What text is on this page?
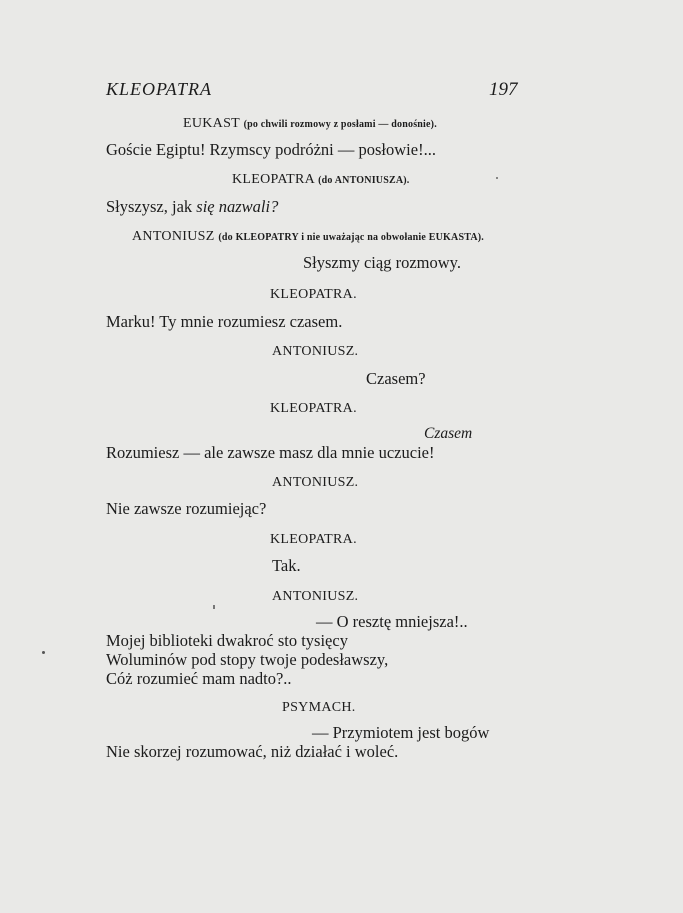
KLEOPATRA	197
EUKAST (po chwili rozmowy z posłami — donośnie).
Goście Egiptu! Rzymscy podróżni — posłowie!...
KLEOPATRA (do ANTONIUSZA).
Słyszysz, jak się nazwali?
ANTONIUSZ (do KLEOPATRY i nie uważając na obwołanie EUKASTA).
Słyszmy ciąg rozmowy.
KLEOPATRA.
Marku! Ty mnie rozumiesz czasem.
ANTONIUSZ.
Czasem?
KLEOPATRA.
Czasem
Rozumiesz — ale zawsze masz dla mnie uczucie!
ANTONIUSZ.
Nie zawsze rozumiejąc?
KLEOPATRA.
Tak.
ANTONIUSZ.
— O resztę mniejsza!..
Mojej biblioteki dwakroć sto tysięcy
Woluminów pod stopy twoje podesławszy,
Cóż rozumieć mam nadto?..
PSYMACH.
— Przymiotem jest bogów
Nie skorzej rozumować, niż działać i woleć.
